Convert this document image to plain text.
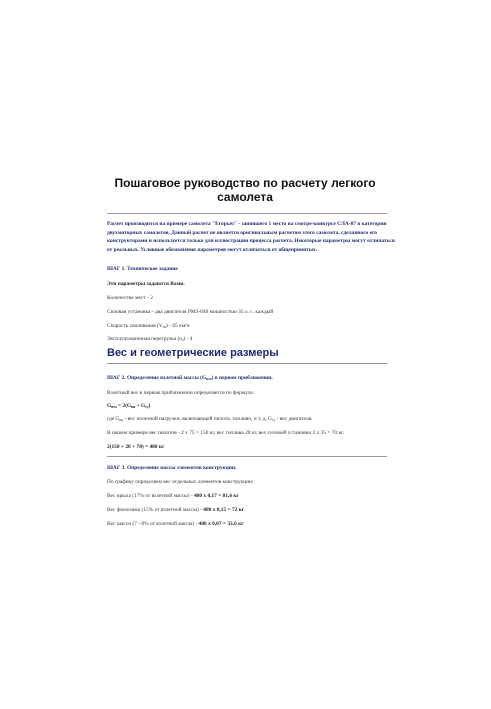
Пошаговое руководство по расчету легкого
самолета
Расчет производится на примере самолета "Егорыч" - занявшего 1 место на смотре-конкурсе СЛА-87 в категории двухмоторных самолетов. Данный расчет не является оригинальным расчетом этого самолета, сделанного его конструкторами и используется только для иллюстрации процесса расчета. Некоторые параметры могут отличаться от реальных. Условные обозначения параметров могут отличаться от общепринятых.
ШАГ 1. Техническое задание
Эти параметры задаются Вами.
Количество мест - 2
Силовая установка - два двигателя РМЗ-640 мощностью 35 л. с. каждый
Скорость сваливания $(V_{св}) - 65$ км/ч
Эксплуатационная перегрузка $(n_э) - 4$
Вес и геометрические размеры
ШАГ 2. Определение взлетной массы $(G_{взл})$ в первом приближении.
Взлетный вес в первом приближении определяется по формуле:
$G_{взл} = 2(G_{пн} + G_{су})$
где $G_{пн}$ - вес полезной нагрузки, включающей пилота, топливо, и т. д, $G_{су}$ - вес двигателя.
В нашем примере вес пилотов - 2 х 75 = 150 кг, вес топлива 20 кг, вес силовой установки 2 х 35 = 70 кг.
2(150 + 20 + 70) = 480 кг
ШАГ 3. Определение массы элементов конструкции.
По графику определяем вес отдельных элементов конструкции:
Вес крыла (17% от взлетной массы) - 480 х 0,17 = 81,6 кг
Вес фюзеляжа (15% от взлетной массы) - 480 х 0,15 = 72 кг
Вес шасси (7 - 8% от взлетной массы) - 480 х 0,07 = 33,6 кг
